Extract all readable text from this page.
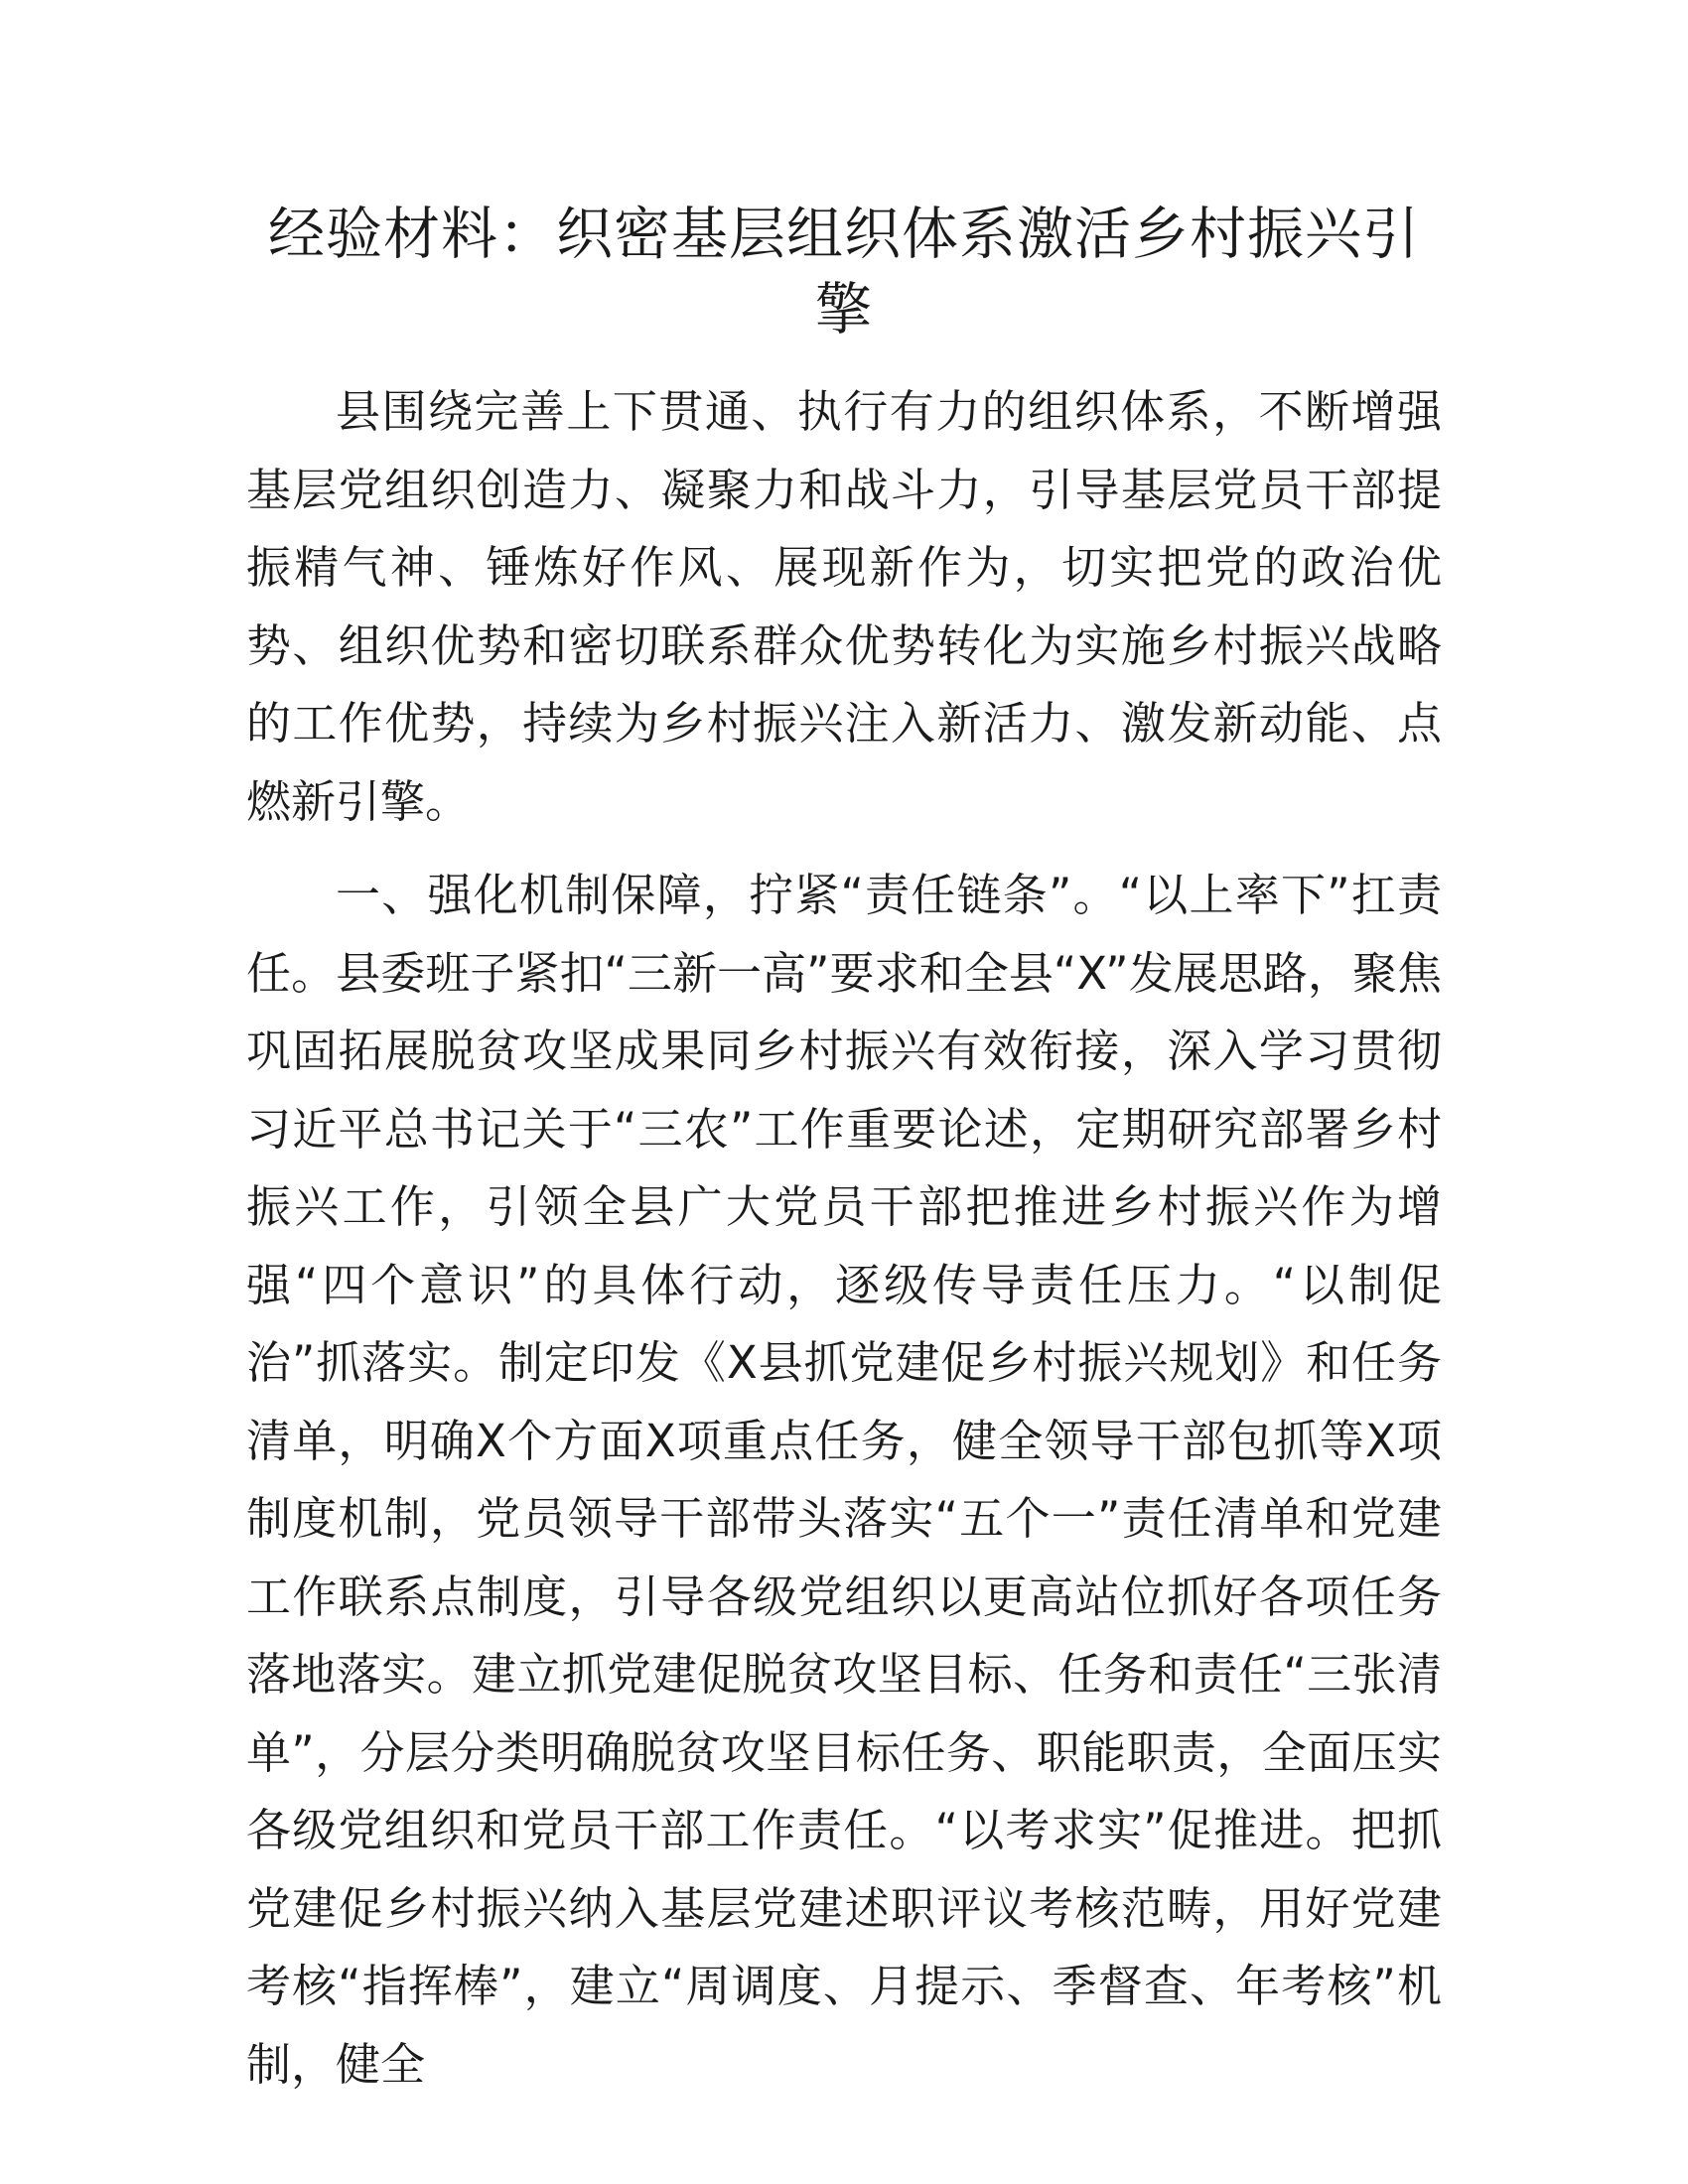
经验材料：织密基层组织体系激活乡村振兴引擎

县围绕完善上下贯通、执行有力的组织体系，不断增强基层党组织创造力、凝聚力和战斗力，引导基层党员干部提振精气神、锤炼好作风、展现新作为，切实把党的政治优势、组织优势和密切联系群众优势转化为实施乡村振兴战略的工作优势，持续为乡村振兴注入新活力、激发新动能、点燃新引擎。

一、强化机制保障，拧紧“责任链条”。“以上率下”扛责任。县委班子紧扣“三新一高”要求和全县“X”发展思路，聚焦巩固拓展脱贫攻坚成果同乡村振兴有效衔接，深入学习贯彻习近平总书记关于“三农”工作重要论述，定期研究部署乡村振兴工作，引领全县广大党员干部把推进乡村振兴作为增强“四个意识”的具体行动，逐级传导责任压力。“以制促治”抓落实。制定印发《X县抓党建促乡村振兴规划》和任务清单，明确X个方面X项重点任务，健全领导干部包抓等X项制度机制，党员领导干部带头落实“五个一”责任清单和党建工作联系点制度，引导各级党组织以更高站位抓好各项任务落地落实。建立抓党建促脱贫攻坚目标、任务和责任“三张清单”，分层分类明确脱贫攻坚目标任务、职能职责，全面压实各级党组织和党员干部工作责任。“以考求实”促推进。把抓党建促乡村振兴纳入基层党建述职评议考核范畴，用好党建考核“指挥棒”，建立“周调度、月提示、季督查、年考核”机制，健全
